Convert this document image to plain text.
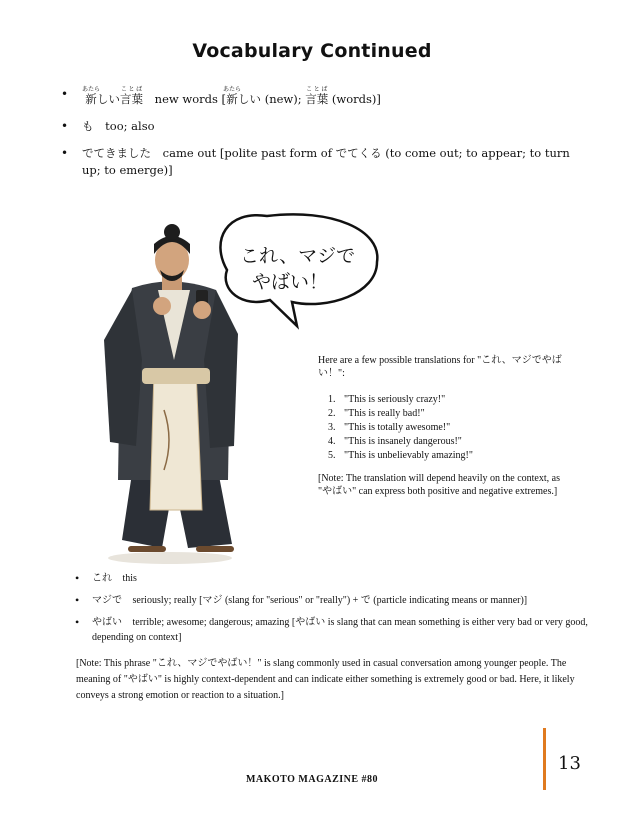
Vocabulary Continued
• 新あたらしい言葉ことば new words [新あたらしい (new); 言葉ことば (words)]
• も too; also
• でてきました came out [polite past form of でてくる (to come out; to appear; to turn up; to emerge)]
これ、マジで
やばい！
Here are a few possible translations for "これ、マジでやばい！":
1. "This is seriously crazy!"
2. "This is really bad!"
3. "This is totally awesome!"
4. "This is insanely dangerous!"
5. "This is unbelievably amazing!"
[Note: The translation will depend heavily on the context, as "やばい" can express both positive and negative extremes.]
• これ this
• マジで seriously; really [マジ (slang for "serious" or "really") + で (particle indicating means or manner)]
• やばい terrible; awesome; dangerous; amazing [やばい is slang that can mean something is either very bad or very good, depending on context]
[Note: This phrase "これ、マジでやばい！" is slang commonly used in casual conversation among younger people. The meaning of "やばい" is highly context-dependent and can indicate either something is extremely good or bad. Here, it likely conveys a strong emotion or reaction to a situation.]
13
MAKOTO MAGAZINE #80
